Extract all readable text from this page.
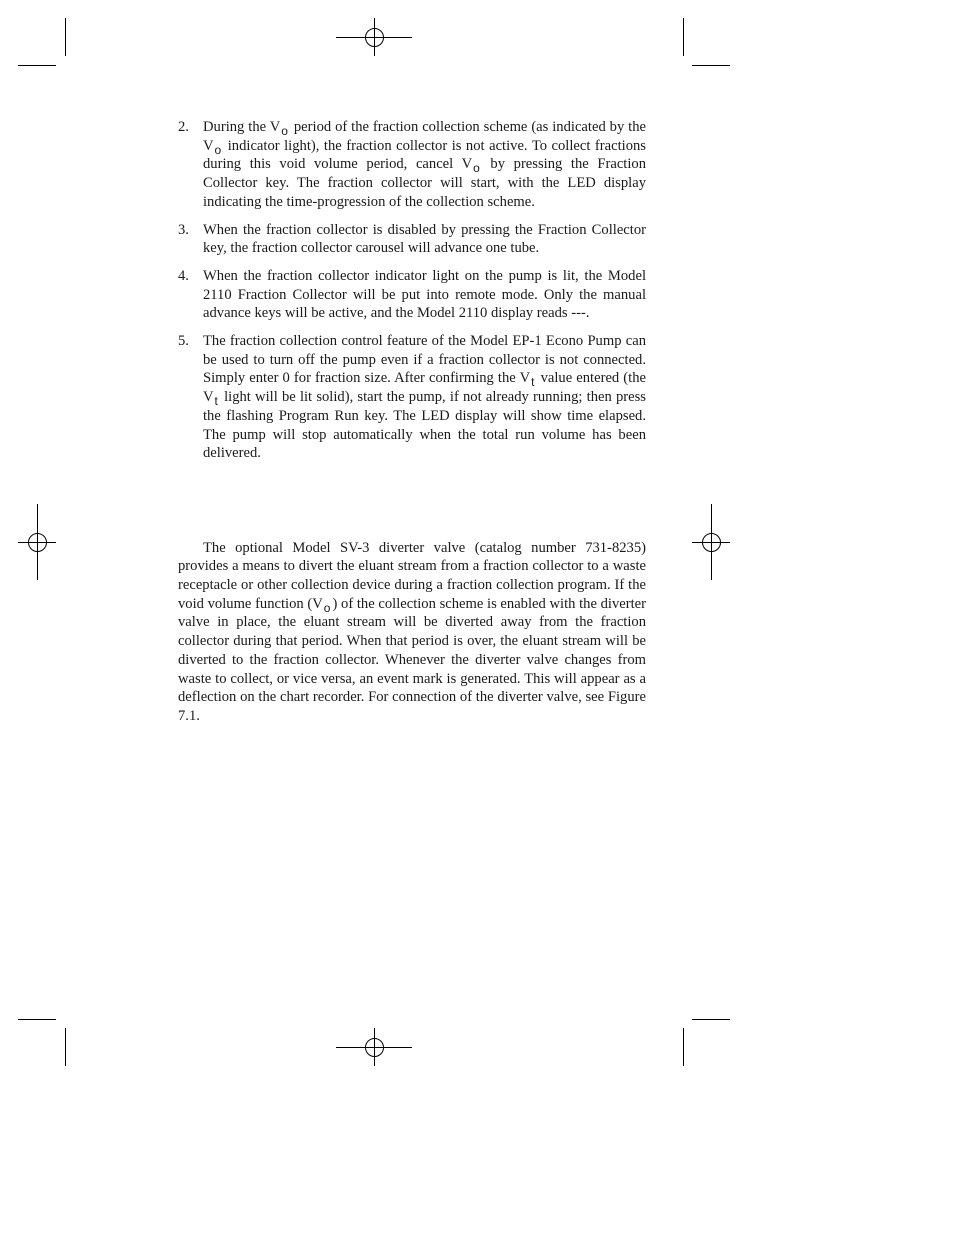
2. During the $V_o$ period of the fraction collection scheme (as indicated by the $V_o$ indicator light), the fraction collector is not active. To collect fractions during this void volume period, cancel $V_o$ by pressing the Fraction Collector key. The fraction collector will start, with the LED display indicating the time-progression of the collection scheme.
3. When the fraction collector is disabled by pressing the Fraction Collector key, the fraction collector carousel will advance one tube.
4. When the fraction collector indicator light on the pump is lit, the Model 2110 Fraction Collector will be put into remote mode. Only the manual advance keys will be active, and the Model 2110 display reads ---.
5. The fraction collection control feature of the Model EP-1 Econo Pump can be used to turn off the pump even if a fraction collector is not connected. Simply enter 0 for fraction size. After confirming the $V_t$ value entered (the $V_t$ light will be lit solid), start the pump, if not already running; then press the flashing Program Run key. The LED display will show time elapsed. The pump will stop automatically when the total run volume has been delivered.

The optional Model SV-3 diverter valve (catalog number 731-8235) provides a means to divert the eluant stream from a fraction collector to a waste receptacle or other collection device during a fraction collection program. If the void volume function ($V_o$ ) of the collection scheme is enabled with the diverter valve in place, the eluant stream will be diverted away from the fraction collector during that period. When that period is over, the eluant stream will be diverted to the fraction collector. Whenever the diverter valve changes from waste to collect, or vice versa, an event mark is generated. This will appear as a deflection on the chart recorder. For connection of the diverter valve, see Figure 7.1.
